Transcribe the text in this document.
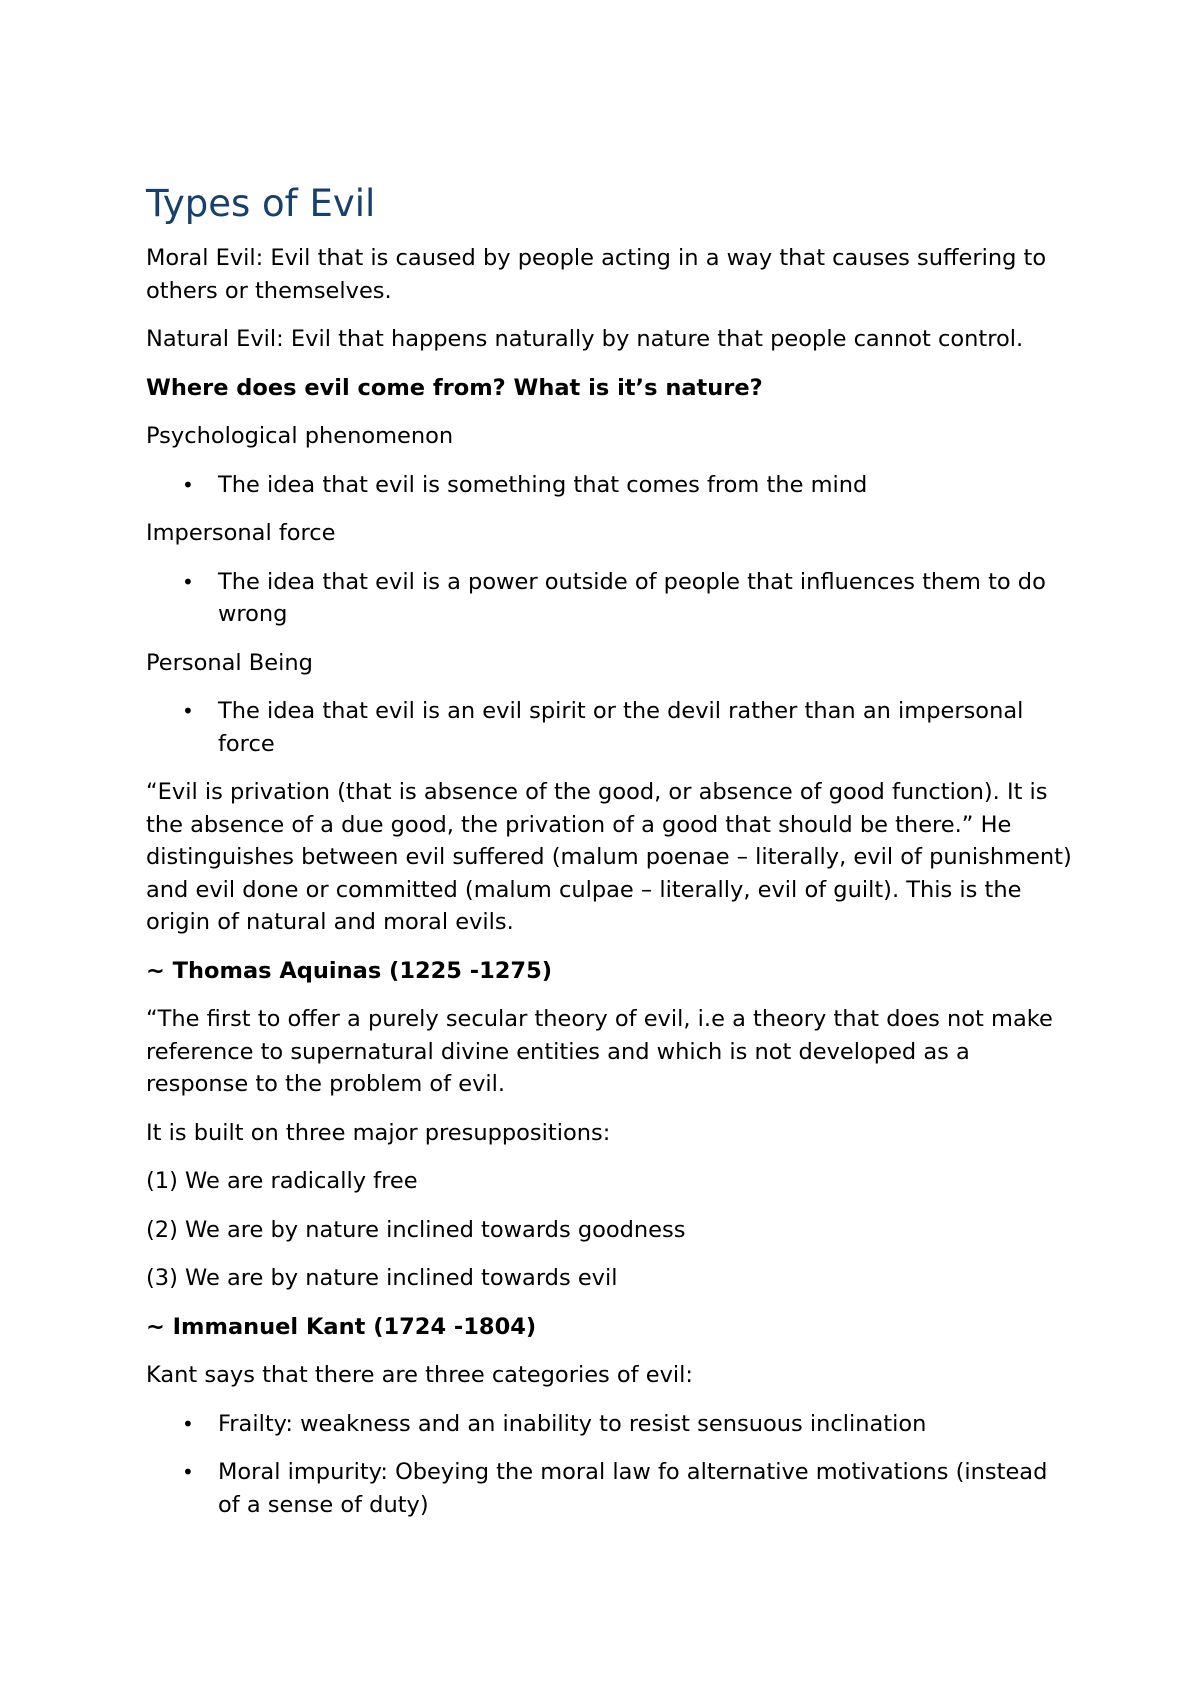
Types of Evil

Moral Evil: Evil that is caused by people acting in a way that causes suffering to others or themselves.

Natural Evil: Evil that happens naturally by nature that people cannot control.

Where does evil come from? What is it’s nature?

Psychological phenomenon

• The idea that evil is something that comes from the mind

Impersonal force

• The idea that evil is a power outside of people that influences them to do wrong

Personal Being

• The idea that evil is an evil spirit or the devil rather than an impersonal force

“Evil is privation (that is absence of the good, or absence of good function). It is the absence of a due good, the privation of a good that should be there.” He distinguishes between evil suffered (malum poenae – literally, evil of punishment) and evil done or committed (malum culpae – literally, evil of guilt). This is the origin of natural and moral evils.

~ Thomas Aquinas (1225 -1275)

“The first to offer a purely secular theory of evil, i.e a theory that does not make reference to supernatural divine entities and which is not developed as a response to the problem of evil.

It is built on three major presuppositions:

(1) We are radically free

(2) We are by nature inclined towards goodness

(3) We are by nature inclined towards evil

~ Immanuel Kant (1724 -1804)

Kant says that there are three categories of evil:

• Frailty: weakness and an inability to resist sensuous inclination
• Moral impurity: Obeying the moral law fo alternative motivations (instead of a sense of duty)
